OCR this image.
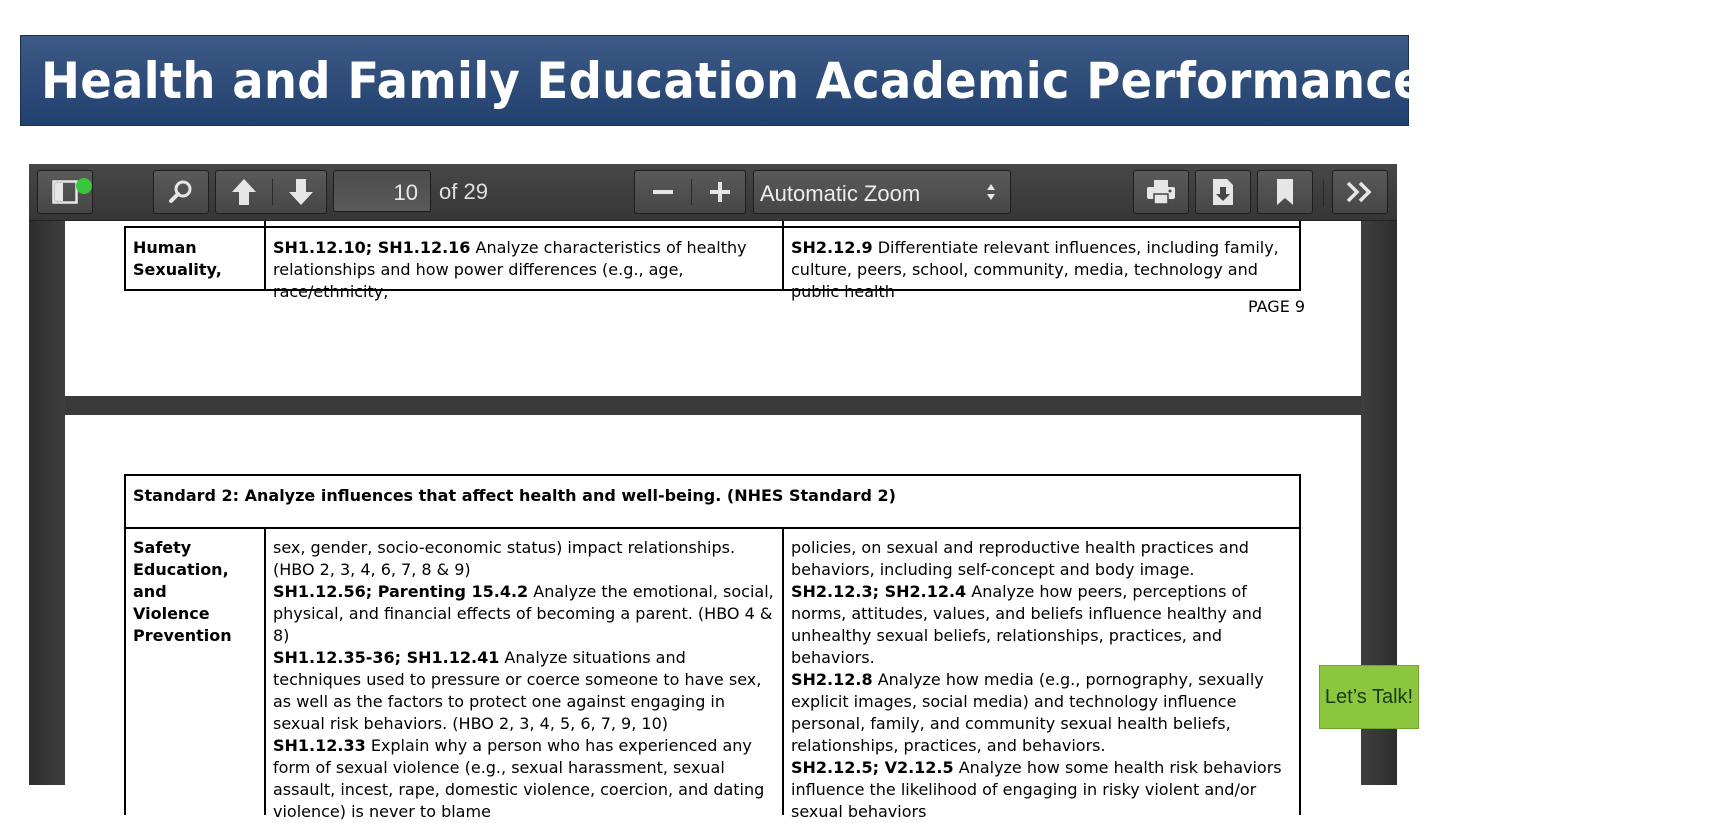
Health and Family Education Academic Performance Standards
Human Sexuality,
SH1.12.10; SH1.12.16 Analyze characteristics of healthy relationships and how power differences (e.g., age, race/ethnicity,
SH2.12.9 Differentiate relevant influences, including family, culture, peers, school, community, media, technology and public health
PAGE 9
Standard 2: Analyze influences that affect health and well-being. (NHES Standard 2)
Safety
Education, and
Violence
Prevention
sex, gender, socio-economic status) impact relationships. (HBO 2, 3, 4, 6, 7, 8 & 9)
SH1.12.56; Parenting 15.4.2 Analyze the emotional, social, physical, and financial effects of becoming a parent. (HBO 4 & 8)
SH1.12.35-36; SH1.12.41 Analyze situations and techniques used to pressure or coerce someone to have sex, as well as the factors to protect one against engaging in sexual risk behaviors. (HBO 2, 3, 4, 5, 6, 7, 9, 10)
SH1.12.33 Explain why a person who has experienced any form of sexual violence (e.g., sexual harassment, sexual assault, incest, rape, domestic violence, coercion, and dating violence) is never to blame
policies, on sexual and reproductive health practices and behaviors, including self-concept and body image.
SH2.12.3; SH2.12.4 Analyze how peers, perceptions of norms, attitudes, values, and beliefs influence healthy and unhealthy sexual beliefs, relationships, practices, and behaviors.
SH2.12.8 Analyze how media (e.g., pornography, sexually explicit images, social media) and technology influence personal, family, and community sexual health beliefs, relationships, practices, and behaviors.
SH2.12.5; V2.12.5 Analyze how some health risk behaviors influence the likelihood of engaging in risky violent and/or sexual behaviors
10 of 29	Automatic Zoom
Let’s Talk!
